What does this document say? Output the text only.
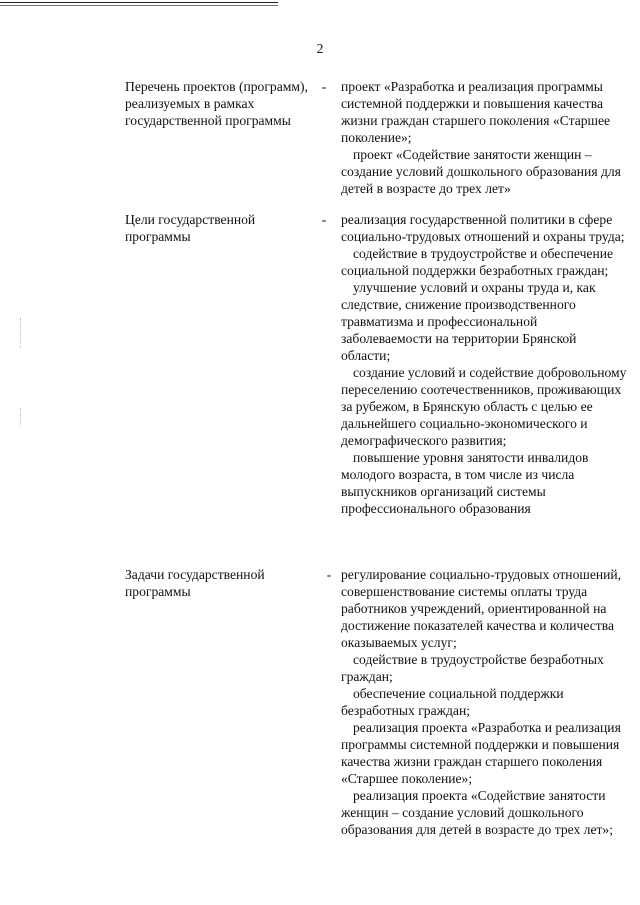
2

Перечень проектов (программ), реализуемых в рамках государственной программы

- проект «Разработка и реализация программы системной поддержки и повышения качества жизни граждан старшего поколения «Старшее поколение»;

проект «Содействие занятости женщин – создание условий дошкольного образования для детей в возрасте до трех лет»

Цели государственной программы

- реализация государственной политики в сфере социально-трудовых отношений и охраны труда;

содействие в трудоустройстве и обеспечение социальной поддержки безработных граждан;

улучшение условий и охраны труда и, как следствие, снижение производственного травматизма и профессиональной заболеваемости на территории Брянской области;

создание условий и содействие добровольному переселению соотечественников, проживающих за рубежом, в Брянскую область с целью ее дальнейшего социально-экономического и демографического развития;

повышение уровня занятости инвалидов молодого возраста, в том числе из числа выпускников организаций системы профессионального образования

Задачи государственной программы

- регулирование социально-трудовых отношений, совершенствование системы оплаты труда работников учреждений, ориентированной на достижение показателей качества и количества оказываемых услуг;

содействие в трудоустройстве безработных граждан;

обеспечение социальной поддержки безработных граждан;

реализация проекта «Разработка и реализация программы системной поддержки и повышения качества жизни граждан старшего поколения «Старшее поколение»;

реализация проекта «Содействие занятости женщин – создание условий дошкольного образования для детей в возрасте до трех лет»;
